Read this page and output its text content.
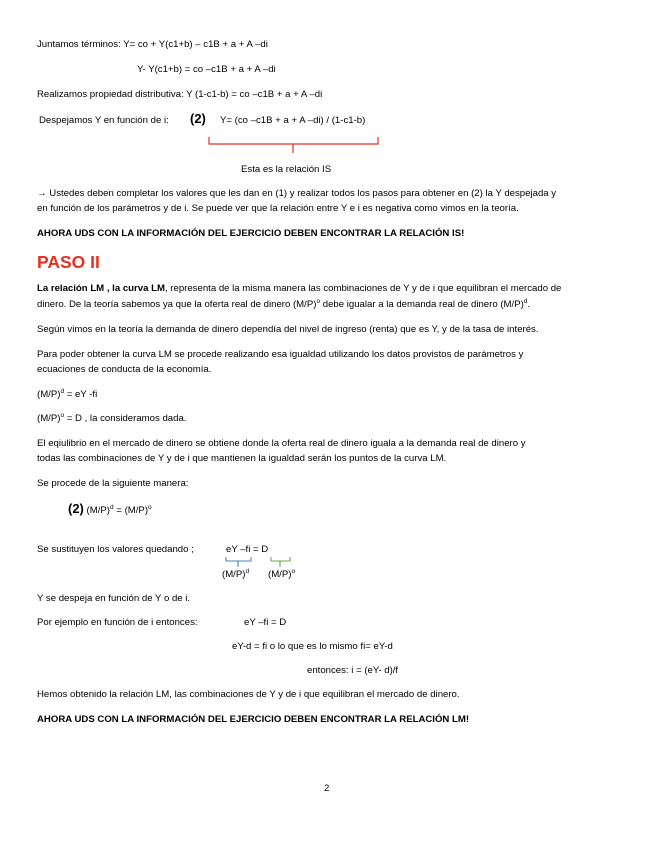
Juntamos términos: Y= co + Y(c1+b) – c1B + a + A –di
Y- Y(c1+b) = co –c1B + a + A –di
Realizamos propiedad distributiva: Y (1-c1-b) = co –c1B + a + A –di
Despejamos Y en función de i: (2) Y= (co –c1B + a + A –di) / (1-c1-b)
Esta es la relación IS
→ Ustedes deben completar los valores que les dan en (1) y realizar todos los pasos para obtener en (2) la Y despejada y
en función de los parámetros y de i. Se puede ver que la relación entre Y e i es negativa como vimos en la teoría.
AHORA UDS CON LA INFORMACIÓN DEL EJERCICIO DEBEN ENCONTRAR LA RELACIÓN IS!
PASO II
La relación LM , la curva LM, representa de la misma manera las combinaciones de Y y de i que equilibran el mercado de
dinero. De la teoría sabemos ya que la oferta real de dinero $(M/P)^o$ debe igualar a la demanda real de dinero $(M/P)^d$.
Según vimos en la teoría la demanda de dinero dependía del nivel de ingreso (renta) que es Y, y de la tasa de interés.
Para poder obtener la curva LM se procede realizando esa igualdad utilizando los datos provistos de parámetros y
ecuaciones de conducta de la economía.
$(M/P)^d$ = eY -fi
$(M/P)^o = D$ , la consideramos dada.
El eqiulibrio en el mercado de dinero se obtiene donde la oferta real de dinero iguala a la demanda real de dinero y
todas las combinaciones de Y y de i que mantienen la igualdad serán los puntos de la curva LM.
Se procede de la siguiente manera:
(2) $(M/P)^d = (M/P)^o$
Se sustituyen los valores quedando ;	eY –fi = D
$(M/P)^d$ $(M/P)^o$
Y se despeja en función de Y o de i.
Por ejemplo en función de i entonces:	eY –fi = D
eY-d = fi o lo que es lo mismo fi= eY-d
entonces: i = (eY- d)/f
Hemos obtenido la relación LM, las combinaciones de Y y de i que equilibran el mercado de dinero.
AHORA UDS CON LA INFORMACIÓN DEL EJERCICIO DEBEN ENCONTRAR LA RELACIÓN LM!
2
